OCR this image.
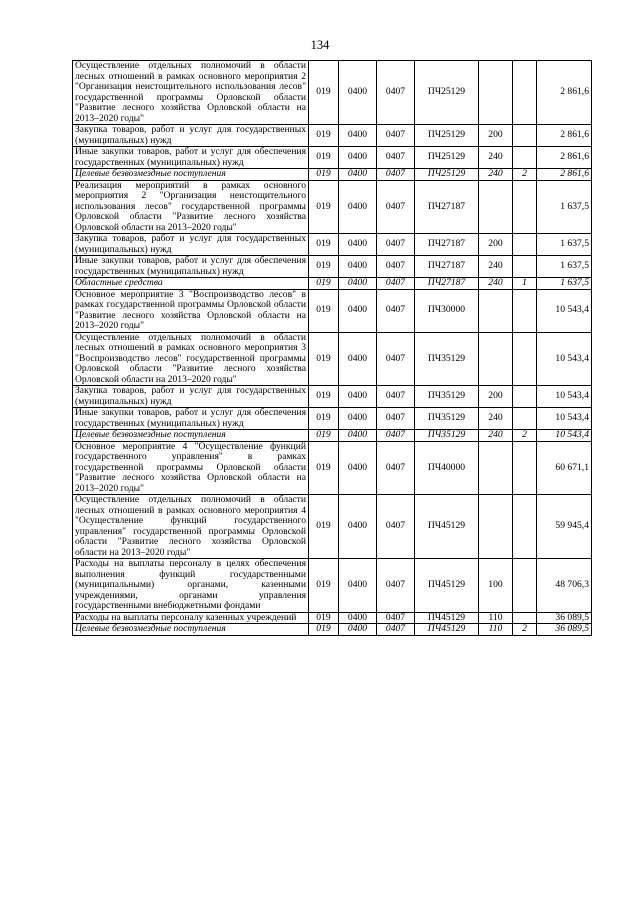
134
Осуществление отдельных полномочий в области лесных отношений в рамках основного мероприятия 2 "Организация неистощительного использования лесов" государственной программы Орловской области "Развитие лесного хозяйства Орловской области на 2013–2020 годы"	019	0400	0407	ПЧ25129			2 861,6
Закупка товаров, работ и услуг для государственных (муниципальных) нужд	019	0400	0407	ПЧ25129	200		2 861,6
Иные закупки товаров, работ и услуг для обеспечения государственных (муниципальных) нужд	019	0400	0407	ПЧ25129	240		2 861,6
Целевые безвозмездные поступления	019	0400	0407	ПЧ25129	240	2	2 861,6
Реализация мероприятий в рамках основного мероприятия 2 "Организация неистощительного использования лесов" государственной программы Орловской области "Развитие лесного хозяйства Орловской области на 2013–2020 годы"	019	0400	0407	ПЧ27187			1 637,5
Закупка товаров, работ и услуг для государственных (муниципальных) нужд	019	0400	0407	ПЧ27187	200		1 637,5
Иные закупки товаров, работ и услуг для обеспечения государственных (муниципальных) нужд	019	0400	0407	ПЧ27187	240		1 637,5
Областные средства	019	0400	0407	ПЧ27187	240	1	1 637,5
Основное мероприятие 3 "Воспроизводство лесов" в рамках государственной программы Орловской области "Развитие лесного хозяйства Орловской области на 2013–2020 годы"	019	0400	0407	ПЧ30000			10 543,4
Осуществление отдельных полномочий в области лесных отношений в рамках основного мероприятия 3 "Воспроизводство лесов" государственной программы Орловской области "Развитие лесного хозяйства Орловской области на 2013–2020 годы"	019	0400	0407	ПЧ35129			10 543,4
Закупка товаров, работ и услуг для государственных (муниципальных) нужд	019	0400	0407	ПЧ35129	200		10 543,4
Иные закупки товаров, работ и услуг для обеспечения государственных (муниципальных) нужд	019	0400	0407	ПЧ35129	240		10 543,4
Целевые безвозмездные поступления	019	0400	0407	ПЧ35129	240	2	10 543,4
Основное мероприятие 4 "Осуществление функций государственного управления" в рамках государственной программы Орловской области "Развитие лесного хозяйства Орловской области на 2013–2020 годы"	019	0400	0407	ПЧ40000			60 671,1
Осуществление отдельных полномочий в области лесных отношений в рамках основного мероприятия 4 "Осуществление функций государственного управления" государственной программы Орловской области "Развитие лесного хозяйства Орловской области на 2013–2020 годы"	019	0400	0407	ПЧ45129			59 945,4
Расходы на выплаты персоналу в целях обеспечения выполнения функций государственными (муниципальными) органами, казенными учреждениями, органами управления государственными внебюджетными фондами	019	0400	0407	ПЧ45129	100		48 706,3
Расходы на выплаты персоналу казенных учреждений	019	0400	0407	ПЧ45129	110		36 089,5
Целевые безвозмездные поступления	019	0400	0407	ПЧ45129	110	2	36 089,5
